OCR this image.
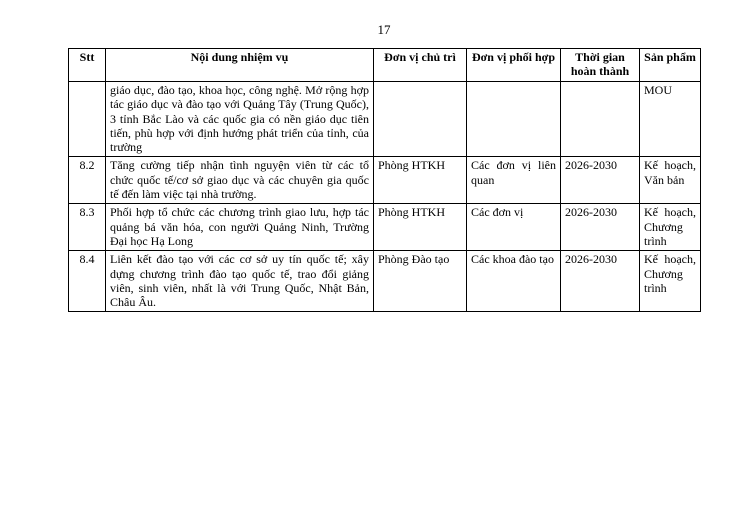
17
Stt	Nội dung nhiệm vụ	Đơn vị chủ trì	Đơn vị phối hợp	Thời gian hoàn thành	Sản phẩm
	giáo dục, đào tạo, khoa học, công nghệ. Mở rộng hợp tác giáo dục và đào tạo với Quảng Tây (Trung Quốc), 3 tỉnh Bắc Lào và các quốc gia có nền giáo dục tiên tiến, phù hợp với định hướng phát triển của tỉnh, của trường				MOU
8.2	Tăng cường tiếp nhận tình nguyện viên từ các tổ chức quốc tế/cơ sở giao dục và các chuyên gia quốc tế đến làm việc tại nhà trường.	Phòng HTKH	Các đơn vị liên quan	2026-2030	Kế hoạch, Văn bản
8.3	Phối hợp tổ chức các chương trình giao lưu, hợp tác quảng bá văn hóa, con người Quảng Ninh, Trường Đại học Hạ Long	Phòng HTKH	Các đơn vị	2026-2030	Kế hoạch, Chương trình
8.4	Liên kết đào tạo với các cơ sở uy tín quốc tế; xây dựng chương trình đào tạo quốc tế, trao đổi giảng viên, sinh viên, nhất là với Trung Quốc, Nhật Bản, Châu Âu.	Phòng Đào tạo	Các khoa đào tạo	2026-2030	Kế hoạch, Chương trình
